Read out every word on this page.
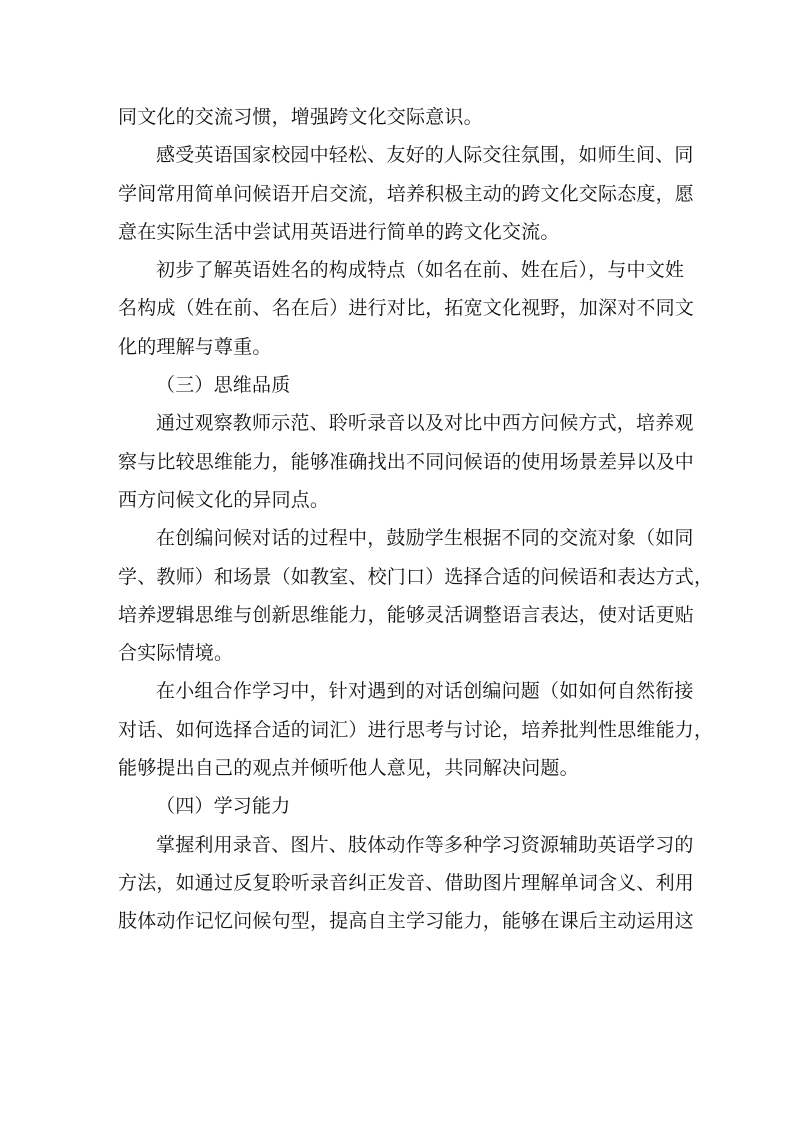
同文化的交流习惯，增强跨文化交际意识。

感受英语国家校园中轻松、友好的人际交往氛围，如师生间、同

学间常用简单问候语开启交流，培养积极主动的跨文化交际态度，愿

意在实际生活中尝试用英语进行简单的跨文化交流。

初步了解英语姓名的构成特点（如名在前、姓在后），与中文姓

名构成（姓在前、名在后）进行对比，拓宽文化视野，加深对不同文

化的理解与尊重。

（三）思维品质

通过观察教师示范、聆听录音以及对比中西方问候方式，培养观

察与比较思维能力，能够准确找出不同问候语的使用场景差异以及中

西方问候文化的异同点。

在创编问候对话的过程中，鼓励学生根据不同的交流对象（如同

学、教师）和场景（如教室、校门口）选择合适的问候语和表达方式，

培养逻辑思维与创新思维能力，能够灵活调整语言表达，使对话更贴

合实际情境。

在小组合作学习中，针对遇到的对话创编问题（如如何自然衔接

对话、如何选择合适的词汇）进行思考与讨论，培养批判性思维能力，

能够提出自己的观点并倾听他人意见，共同解决问题。

（四）学习能力

掌握利用录音、图片、肢体动作等多种学习资源辅助英语学习的

方法，如通过反复聆听录音纠正发音、借助图片理解单词含义、利用

肢体动作记忆问候句型，提高自主学习能力，能够在课后主动运用这
